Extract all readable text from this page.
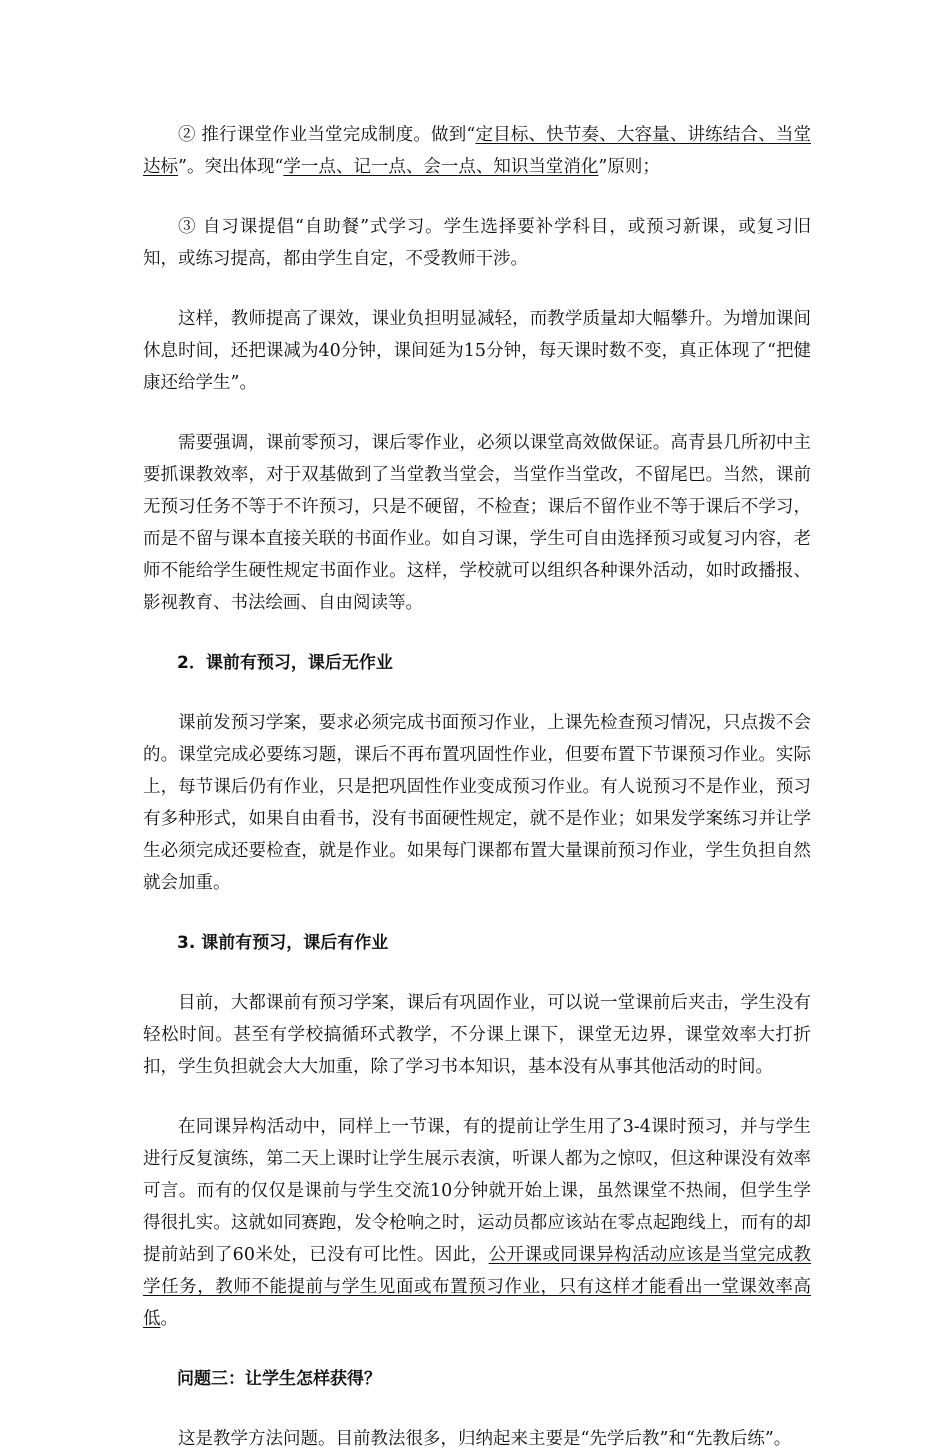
② 推行课堂作业当堂完成制度。做到“定目标、快节奏、大容量、讲练结合、当堂达标”。突出体现“学一点、记一点、会一点、知识当堂消化”原则；

③ 自习课提倡“自助餐”式学习。学生选择要补学科目，或预习新课，或复习旧知，或练习提高，都由学生自定，不受教师干涉。

这样，教师提高了课效，课业负担明显减轻，而教学质量却大幅攀升。为增加课间休息时间，还把课减为40分钟，课间延为15分钟，每天课时数不变，真正体现了“把健康还给学生”。

需要强调，课前零预习，课后零作业，必须以课堂高效做保证。高青县几所初中主要抓课教效率，对于双基做到了当堂教当堂会，当堂作当堂改，不留尾巴。当然，课前无预习任务不等于不许预习，只是不硬留，不检查；课后不留作业不等于课后不学习，而是不留与课本直接关联的书面作业。如自习课，学生可自由选择预习或复习内容，老师不能给学生硬性规定书面作业。这样，学校就可以组织各种课外活动，如时政播报、影视教育、书法绘画、自由阅读等。

2．课前有预习，课后无作业

课前发预习学案，要求必须完成书面预习作业，上课先检查预习情况，只点拨不会的。课堂完成必要练习题，课后不再布置巩固性作业，但要布置下节课预习作业。实际上，每节课后仍有作业，只是把巩固性作业变成预习作业。有人说预习不是作业，预习有多种形式，如果自由看书，没有书面硬性规定，就不是作业；如果发学案练习并让学生必须完成还要检查，就是作业。如果每门课都布置大量课前预习作业，学生负担自然就会加重。

3. 课前有预习，课后有作业

目前，大都课前有预习学案，课后有巩固作业，可以说一堂课前后夹击，学生没有轻松时间。甚至有学校搞循环式教学，不分课上课下，课堂无边界，课堂效率大打折扣，学生负担就会大大加重，除了学习书本知识，基本没有从事其他活动的时间。

在同课异构活动中，同样上一节课，有的提前让学生用了3-4课时预习，并与学生进行反复演练，第二天上课时让学生展示表演，听课人都为之惊叹，但这种课没有效率可言。而有的仅仅是课前与学生交流10分钟就开始上课，虽然课堂不热闹，但学生学得很扎实。这就如同赛跑，发令枪响之时，运动员都应该站在零点起跑线上，而有的却提前站到了60米处，已没有可比性。因此，公开课或同课异构活动应该是当堂完成教学任务，教师不能提前与学生见面或布置预习作业，只有这样才能看出一堂课效率高低。

问题三：让学生怎样获得？

这是教学方法问题。目前教法很多，归纳起来主要是“先学后教”和“先教后练”。
